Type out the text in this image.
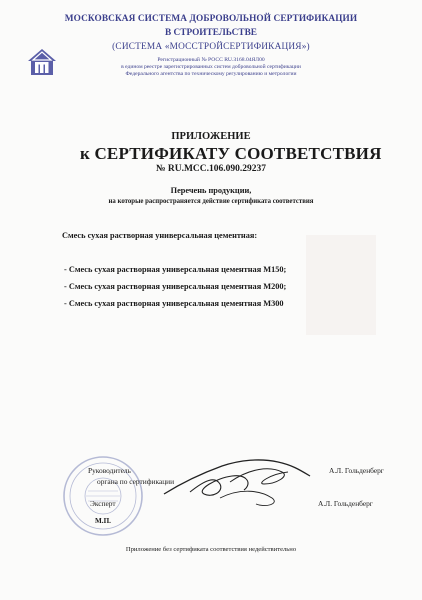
МОСКОВСКАЯ СИСТЕМА ДОБРОВОЛЬНОЙ СЕРТИФИКАЦИИ
В СТРОИТЕЛЬСТВЕ
(СИСТЕМА «МОССТРОЙСЕРТИФИКАЦИЯ»)
Регистрационный № РОСС RU.З168.04ЯЛ00
в едином реестре зарегистрированных систем добровольной сертификации
Федерального агентства по техническому регулированию и метрологии
ПРИЛОЖЕНИЕ
к СЕРТИФИКАТУ СООТВЕТСТВИЯ
№ RU.MCC.106.090.29237
Перечень продукции,
на которые распространяется действие сертификата соответствия
Смесь сухая растворная универсальная цементная:
- Смесь сухая растворная универсальная цементная М150;
- Смесь сухая растворная универсальная цементная М200;
- Смесь сухая растворная универсальная цементная М300
Руководитель
органа по сертификации
А.Л. Гольденберг
Эксперт	А.Л. Гольденберг
М.П.
Приложение без сертификата соответствия недействительно
